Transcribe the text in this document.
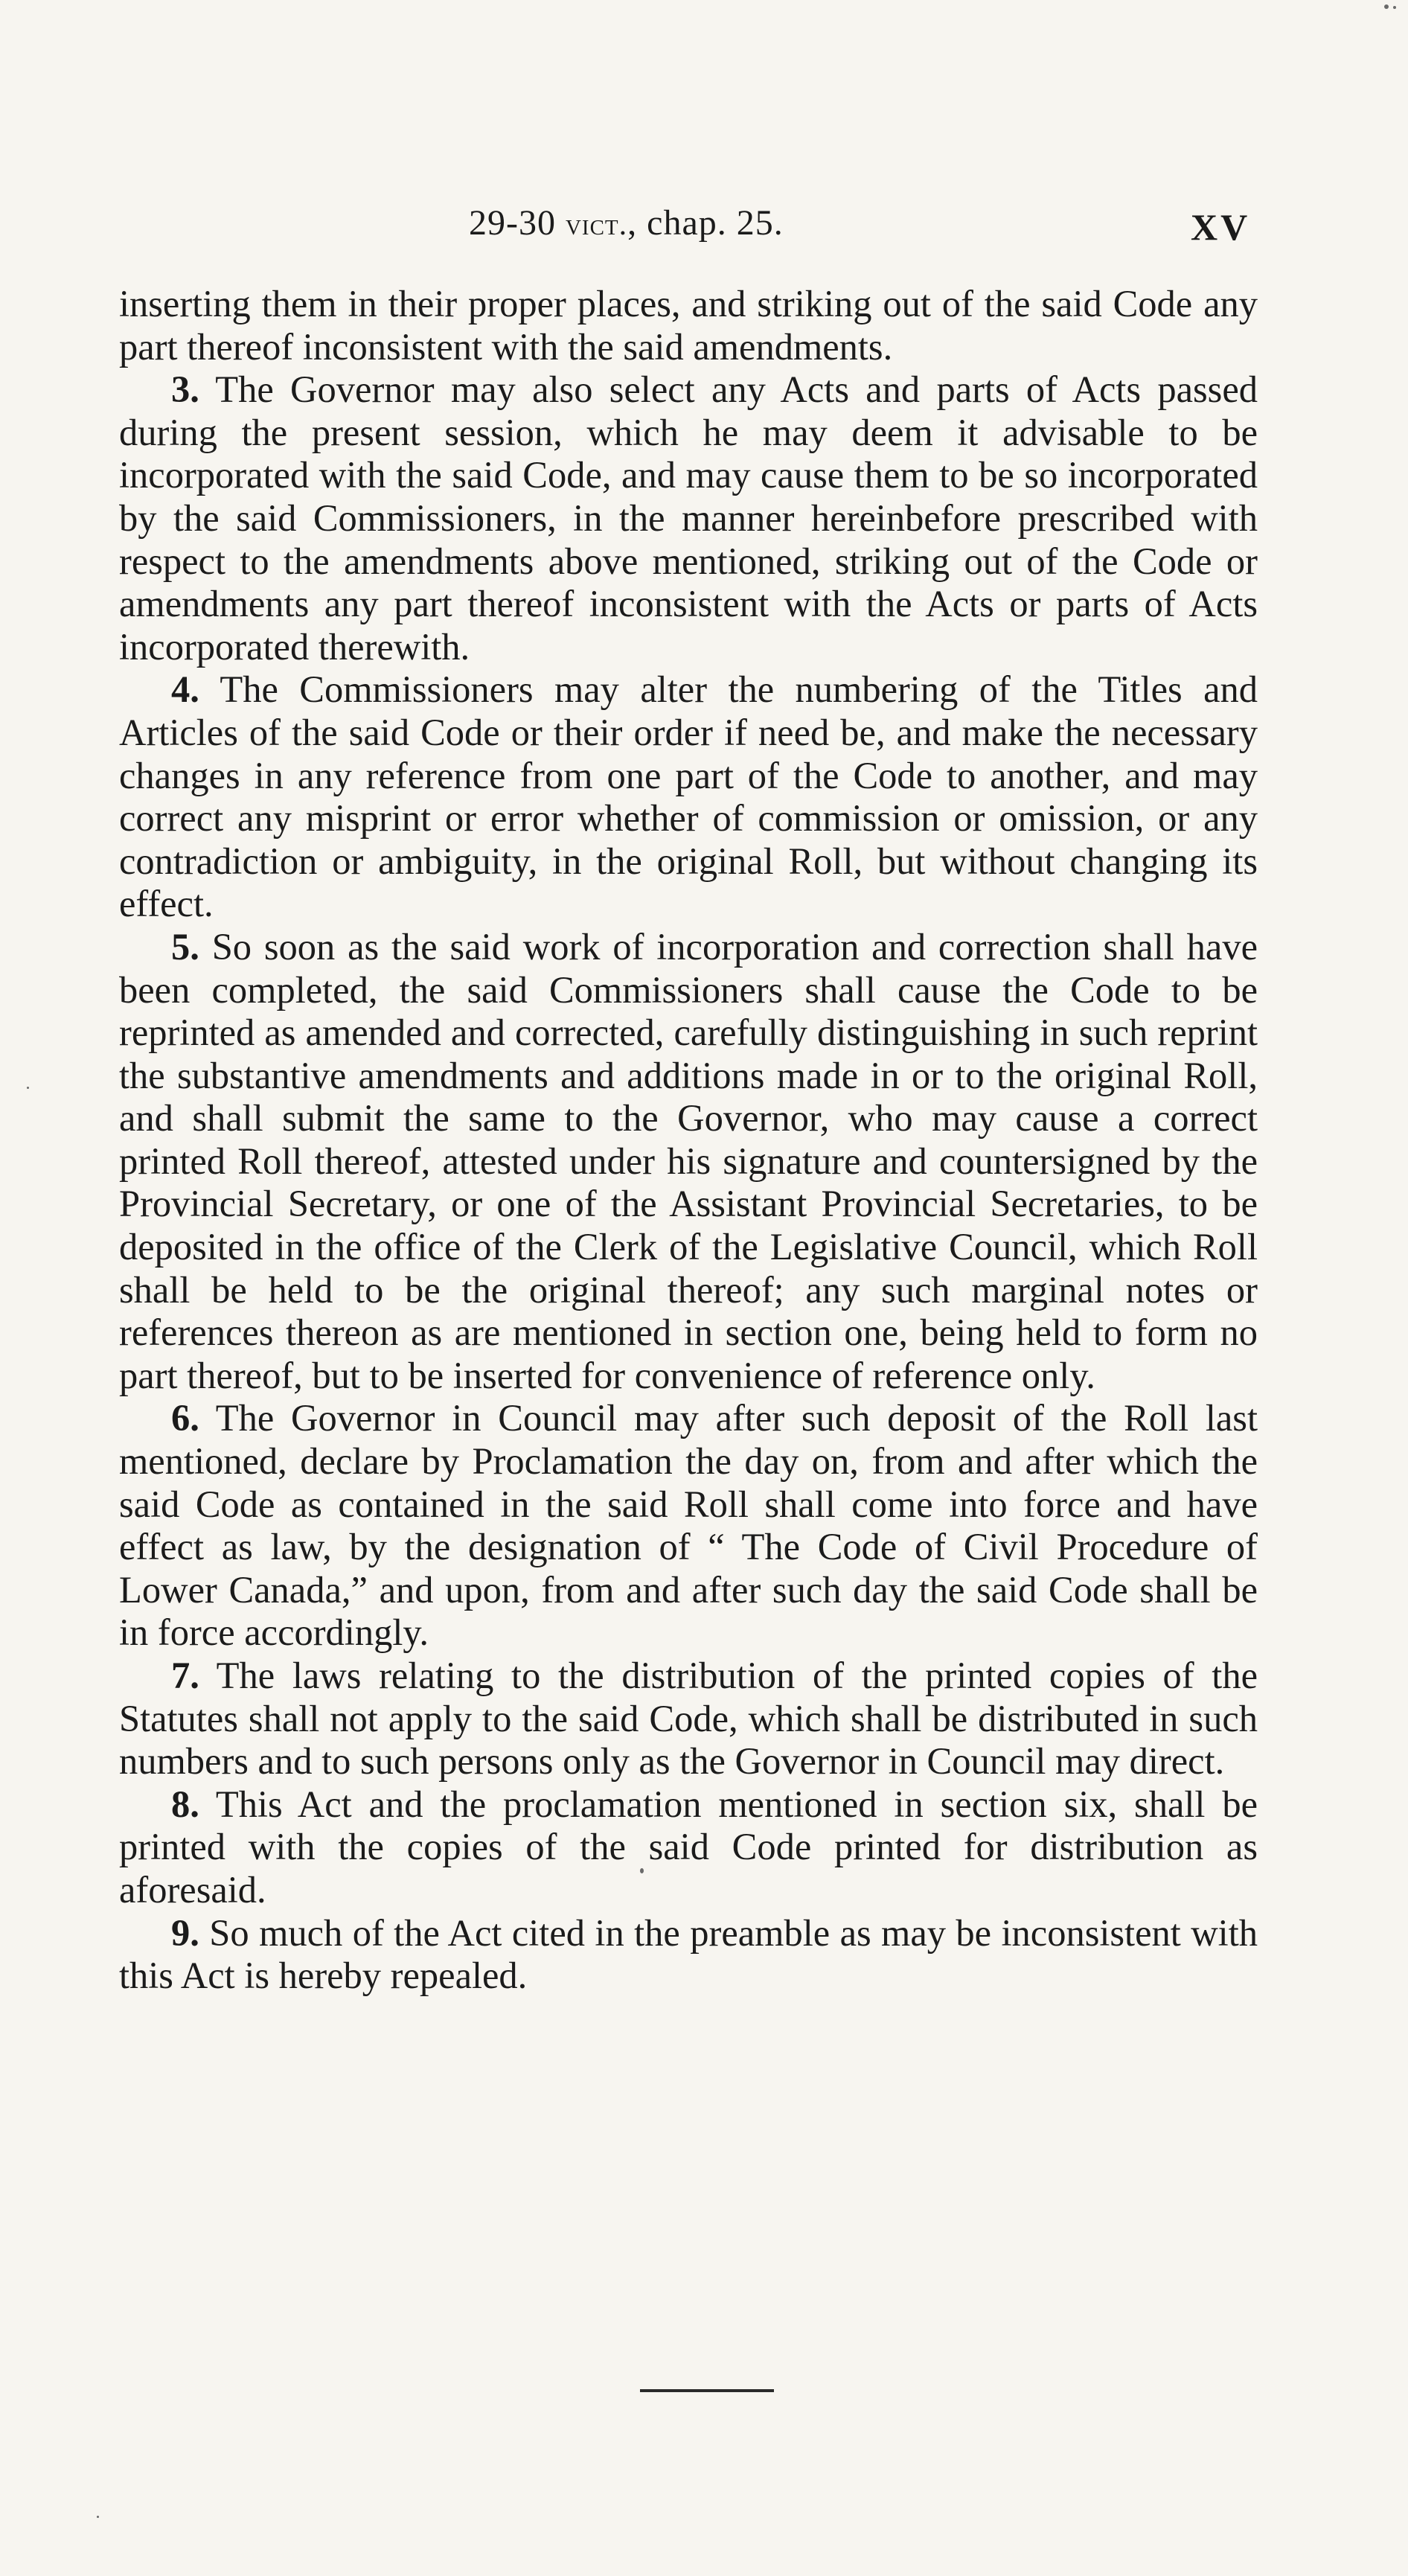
29-30 vict., chap. 25.	XV

inserting them in their proper places, and striking out of the said Code any part thereof inconsistent with the said amendments.

3. The Governor may also select any Acts and parts of Acts passed during the present session, which he may deem it advisable to be incorporated with the said Code, and may cause them to be so incorporated by the said Commissioners, in the manner hereinbefore prescribed with respect to the amendments above mentioned, striking out of the Code or amendments any part thereof inconsistent with the Acts or parts of Acts incorporated therewith.

4. The Commissioners may alter the numbering of the Titles and Articles of the said Code or their order if need be, and make the necessary changes in any reference from one part of the Code to another, and may correct any misprint or error whether of commission or omission, or any contradiction or ambiguity, in the original Roll, but without changing its effect.

5. So soon as the said work of incorporation and correction shall have been completed, the said Commissioners shall cause the Code to be reprinted as amended and corrected, carefully distinguishing in such reprint the substantive amendments and additions made in or to the original Roll, and shall submit the same to the Governor, who may cause a correct printed Roll thereof, attested under his signature and countersigned by the Provincial Secretary, or one of the Assistant Provincial Secretaries, to be deposited in the office of the Clerk of the Legislative Council, which Roll shall be held to be the original thereof; any such marginal notes or references thereon as are mentioned in section one, being held to form no part thereof, but to be inserted for convenience of reference only.

6. The Governor in Council may after such deposit of the Roll last mentioned, declare by Proclamation the day on, from and after which the said Code as contained in the said Roll shall come into force and have effect as law, by the designation of “ The Code of Civil Procedure of Lower Canada,” and upon, from and after such day the said Code shall be in force accordingly.

7. The laws relating to the distribution of the printed copies of the Statutes shall not apply to the said Code, which shall be distributed in such numbers and to such persons only as the Governor in Council may direct.

8. This Act and the proclamation mentioned in section six, shall be printed with the copies of the said Code printed for distribution as aforesaid.

9. So much of the Act cited in the preamble as may be inconsistent with this Act is hereby repealed.
